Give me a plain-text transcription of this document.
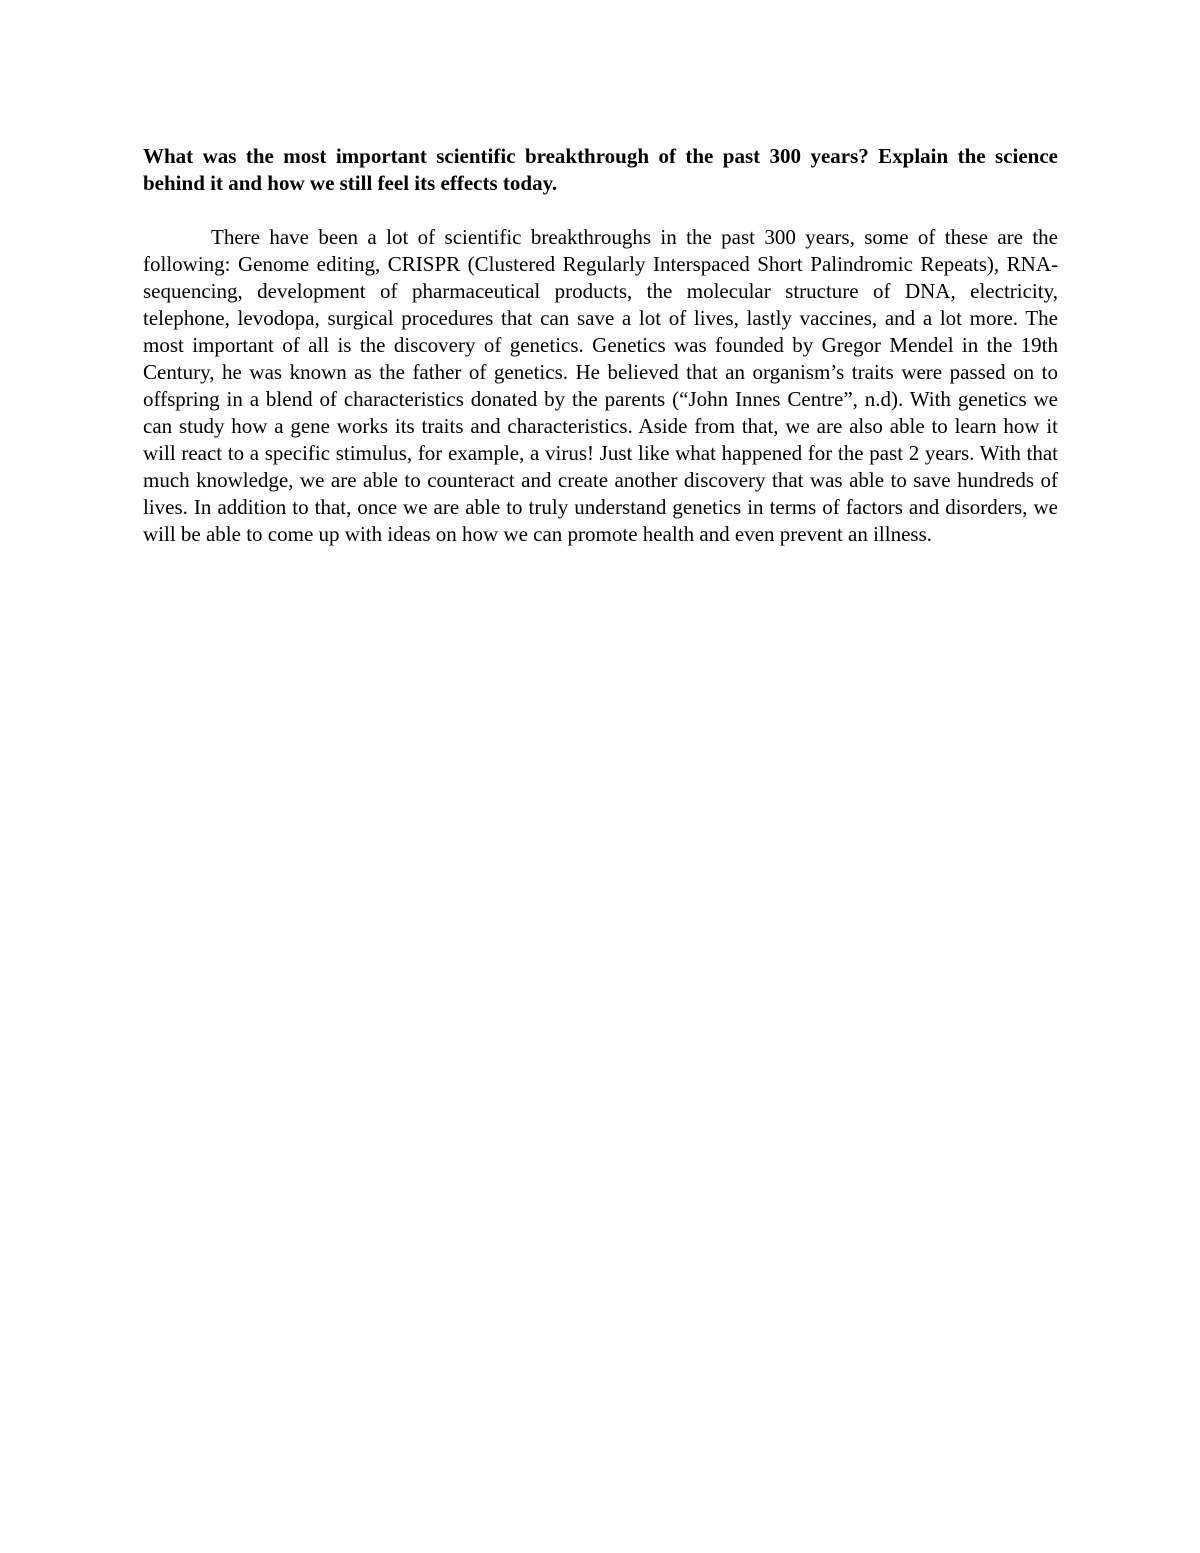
What was the most important scientific breakthrough of the past 300 years? Explain the science behind it and how we still feel its effects today.

There have been a lot of scientific breakthroughs in the past 300 years, some of these are the following: Genome editing, CRISPR (Clustered Regularly Interspaced Short Palindromic Repeats), RNA-sequencing, development of pharmaceutical products, the molecular structure of DNA, electricity, telephone, levodopa, surgical procedures that can save a lot of lives, lastly vaccines, and a lot more. The most important of all is the discovery of genetics. Genetics was founded by Gregor Mendel in the 19th Century, he was known as the father of genetics. He believed that an organism’s traits were passed on to offspring in a blend of characteristics donated by the parents (“John Innes Centre”, n.d). With genetics we can study how a gene works its traits and characteristics. Aside from that, we are also able to learn how it will react to a specific stimulus, for example, a virus! Just like what happened for the past 2 years. With that much knowledge, we are able to counteract and create another discovery that was able to save hundreds of lives. In addition to that, once we are able to truly understand genetics in terms of factors and disorders, we will be able to come up with ideas on how we can promote health and even prevent an illness.
